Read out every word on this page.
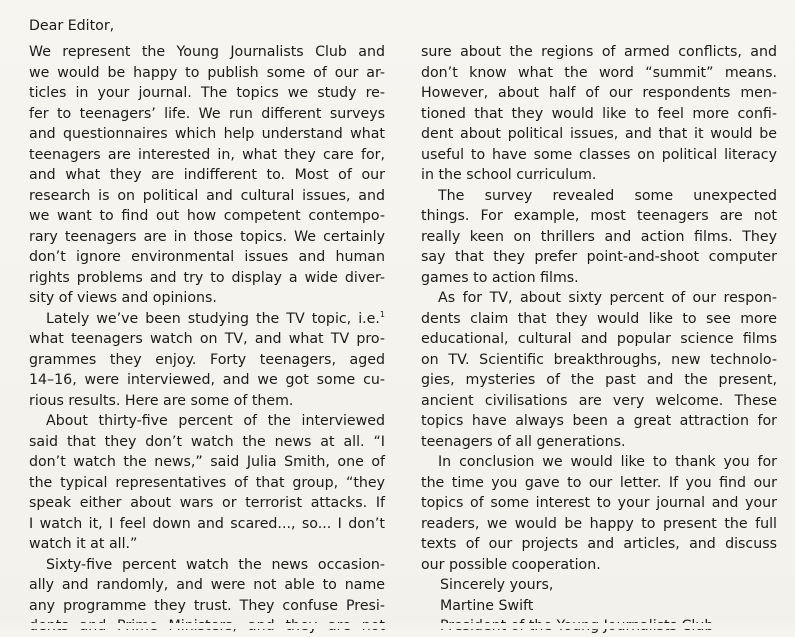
Dear Editor,

We represent the Young Journalists Club and
we would be happy to publish some of our ar-
ticles in your journal. The topics we study re-
fer to teenagers’ life. We run different surveys
and questionnaires which help understand what
teenagers are interested in, what they care for,
and what they are indifferent to. Most of our
research is on political and cultural issues, and
we want to find out how competent contempo-
rary teenagers are in those topics. We certainly
don’t ignore environmental issues and human
rights problems and try to display a wide diver-
sity of views and opinions.
Lately we’ve been studying the TV topic, i.e.$^1$
what teenagers watch on TV, and what TV pro-
grammes they enjoy. Forty teenagers, aged
14–16, were interviewed, and we got some cu-
rious results. Here are some of them.
About thirty-five percent of the interviewed
said that they don’t watch the news at all. “I
don’t watch the news,” said Julia Smith, one of
the typical representatives of that group, “they
speak either about wars or terrorist attacks. If
I watch it, I feel down and scared..., so... I don’t
watch it at all.”
Sixty-five percent watch the news occasion-
ally and randomly, and were not able to name
any programme they trust. They confuse Presi-
sure about the regions of armed conflicts, and
don’t know what the word “summit” means.
However, about half of our respondents men-
tioned that they would like to feel more confi-
dent about political issues, and that it would be
useful to have some classes on political literacy
in the school curriculum.
The survey revealed some unexpected
things. For example, most teenagers are not
really keen on thrillers and action films. They
say that they prefer point-and-shoot computer
games to action films.
As for TV, about sixty percent of our respon-
dents claim that they would like to see more
educational, cultural and popular science films
on TV. Scientific breakthroughs, new technolo-
gies, mysteries of the past and the present,
ancient civilisations are very welcome. These
topics have always been a great attraction for
teenagers of all generations.
In conclusion we would like to thank you for
the time you gave to our letter. If you find our
topics of some interest to your journal and your
readers, we would be happy to present the full
texts of our projects and articles, and discuss
our possible cooperation.
Sincerely yours,
Martine Swift
